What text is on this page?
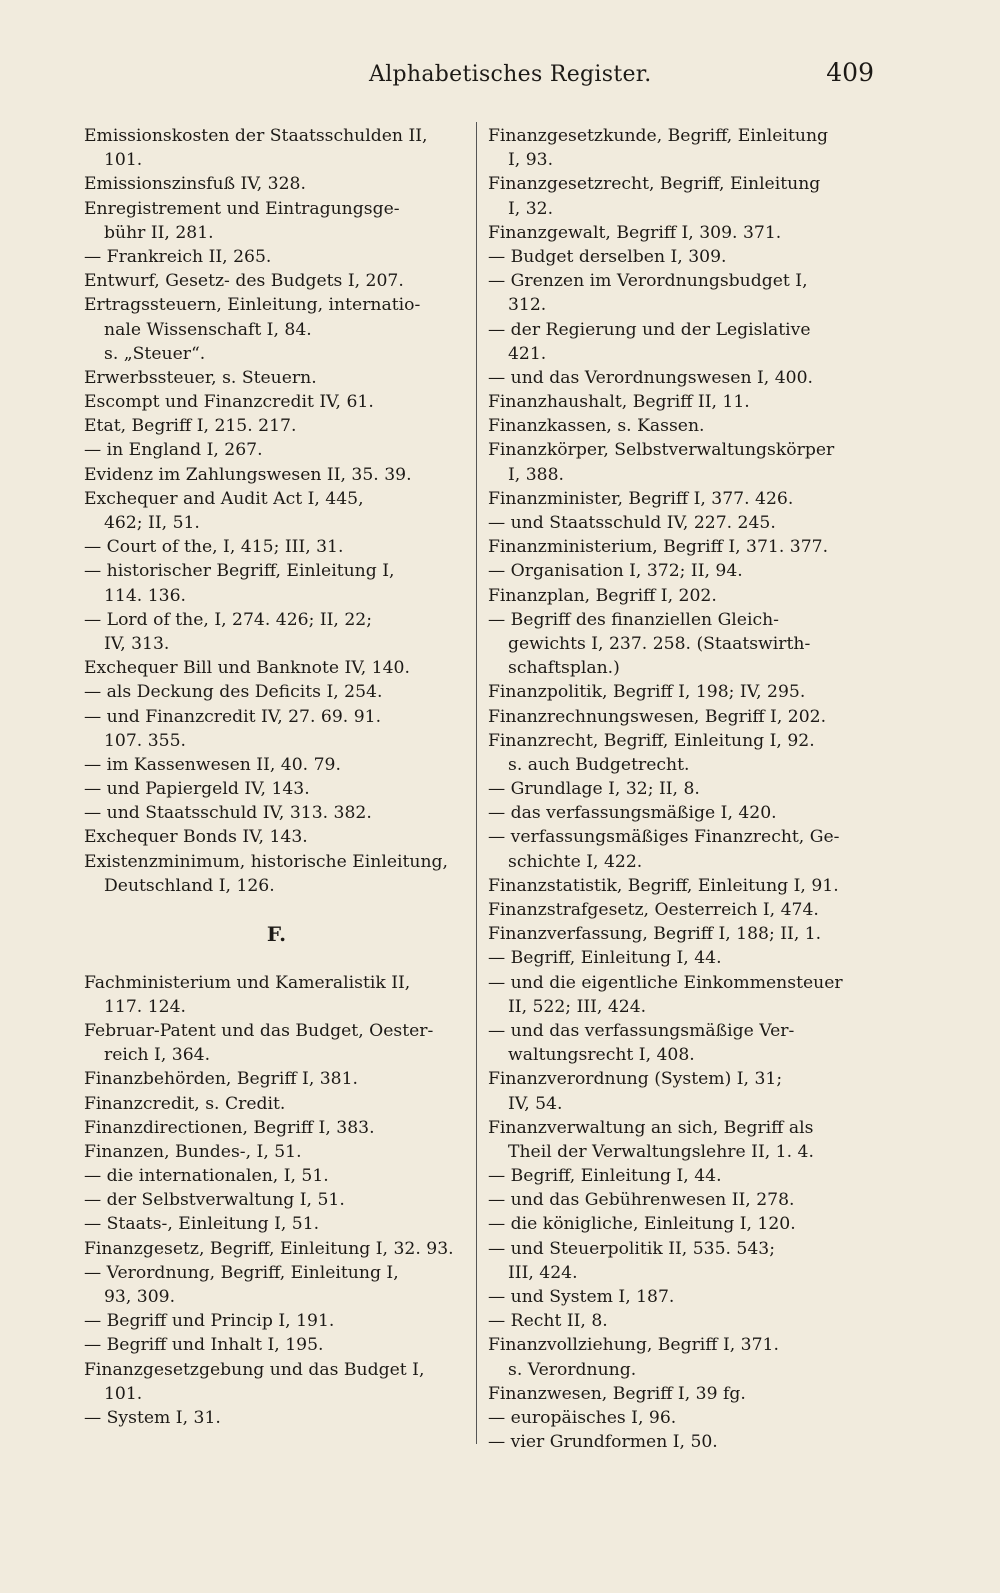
Alphabetisches Register.	409
Emissionskosten der Staatsschulden II,
101.
Emissionszinsfuß IV, 328.
Enregistrement und Eintragungsge-
bühr II, 281.
— Frankreich II, 265.
Entwurf, Gesetz- des Budgets I, 207.
Ertragssteuern, Einleitung, internatio-
nale Wissenschaft I, 84.
s. „Steuer“.
Erwerbssteuer, s. Steuern.
Escompt und Finanzcredit IV, 61.
Etat, Begriff I, 215. 217.
— in England I, 267.
Evidenz im Zahlungswesen II, 35. 39.
Exchequer and Audit Act I, 445,
462; II, 51.
— Court of the, I, 415; III, 31.
— historischer Begriff, Einleitung I,
114. 136.
— Lord of the, I, 274. 426; II, 22;
IV, 313.
Exchequer Bill und Banknote IV, 140.
— als Deckung des Deficits I, 254.
— und Finanzcredit IV, 27. 69. 91.
107. 355.
— im Kassenwesen II, 40. 79.
— und Papiergeld IV, 143.
— und Staatsschuld IV, 313. 382.
Exchequer Bonds IV, 143.
Existenzminimum, historische Einleitung,
Deutschland I, 126.
F.
Fachministerium und Kameralistik II,
117. 124.
Februar-Patent und das Budget, Oester-
reich I, 364.
Finanzbehörden, Begriff I, 381.
Finanzcredit, s. Credit.
Finanzdirectionen, Begriff I, 383.
Finanzen, Bundes-, I, 51.
— die internationalen, I, 51.
— der Selbstverwaltung I, 51.
— Staats-, Einleitung I, 51.
Finanzgesetz, Begriff, Einleitung I, 32. 93.
— Verordnung, Begriff, Einleitung I,
93, 309.
— Begriff und Princip I, 191.
— Begriff und Inhalt I, 195.
Finanzgesetzgebung und das Budget I,
101.
— System I, 31.
Finanzgesetzkunde, Begriff, Einleitung
I, 93.
Finanzgesetzrecht, Begriff, Einleitung
I, 32.
Finanzgewalt, Begriff I, 309. 371.
— Budget derselben I, 309.
— Grenzen im Verordnungsbudget I,
312.
— der Regierung und der Legislative
421.
— und das Verordnungswesen I, 400.
Finanzhaushalt, Begriff II, 11.
Finanzkassen, s. Kassen.
Finanzkörper, Selbstverwaltungskörper
I, 388.
Finanzminister, Begriff I, 377. 426.
— und Staatsschuld IV, 227. 245.
Finanzministerium, Begriff I, 371. 377.
— Organisation I, 372; II, 94.
Finanzplan, Begriff I, 202.
— Begriff des finanziellen Gleich-
gewichts I, 237. 258. (Staatswirth-
schaftsplan.)
Finanzpolitik, Begriff I, 198; IV, 295.
Finanzrechnungswesen, Begriff I, 202.
Finanzrecht, Begriff, Einleitung I, 92.
s. auch Budgetrecht.
— Grundlage I, 32; II, 8.
— das verfassungsmäßige I, 420.
— verfassungsmäßiges Finanzrecht, Ge-
schichte I, 422.
Finanzstatistik, Begriff, Einleitung I, 91.
Finanzstrafgesetz, Oesterreich I, 474.
Finanzverfassung, Begriff I, 188; II, 1.
— Begriff, Einleitung I, 44.
— und die eigentliche Einkommensteuer
II, 522; III, 424.
— und das verfassungsmäßige Ver-
waltungsrecht I, 408.
Finanzverordnung (System) I, 31;
IV, 54.
Finanzverwaltung an sich, Begriff als
Theil der Verwaltungslehre II, 1. 4.
— Begriff, Einleitung I, 44.
— und das Gebührenwesen II, 278.
— die königliche, Einleitung I, 120.
— und Steuerpolitik II, 535. 543;
III, 424.
— und System I, 187.
— Recht II, 8.
Finanzvollziehung, Begriff I, 371.
s. Verordnung.
Finanzwesen, Begriff I, 39 fg.
— europäisches I, 96.
— vier Grundformen I, 50.
